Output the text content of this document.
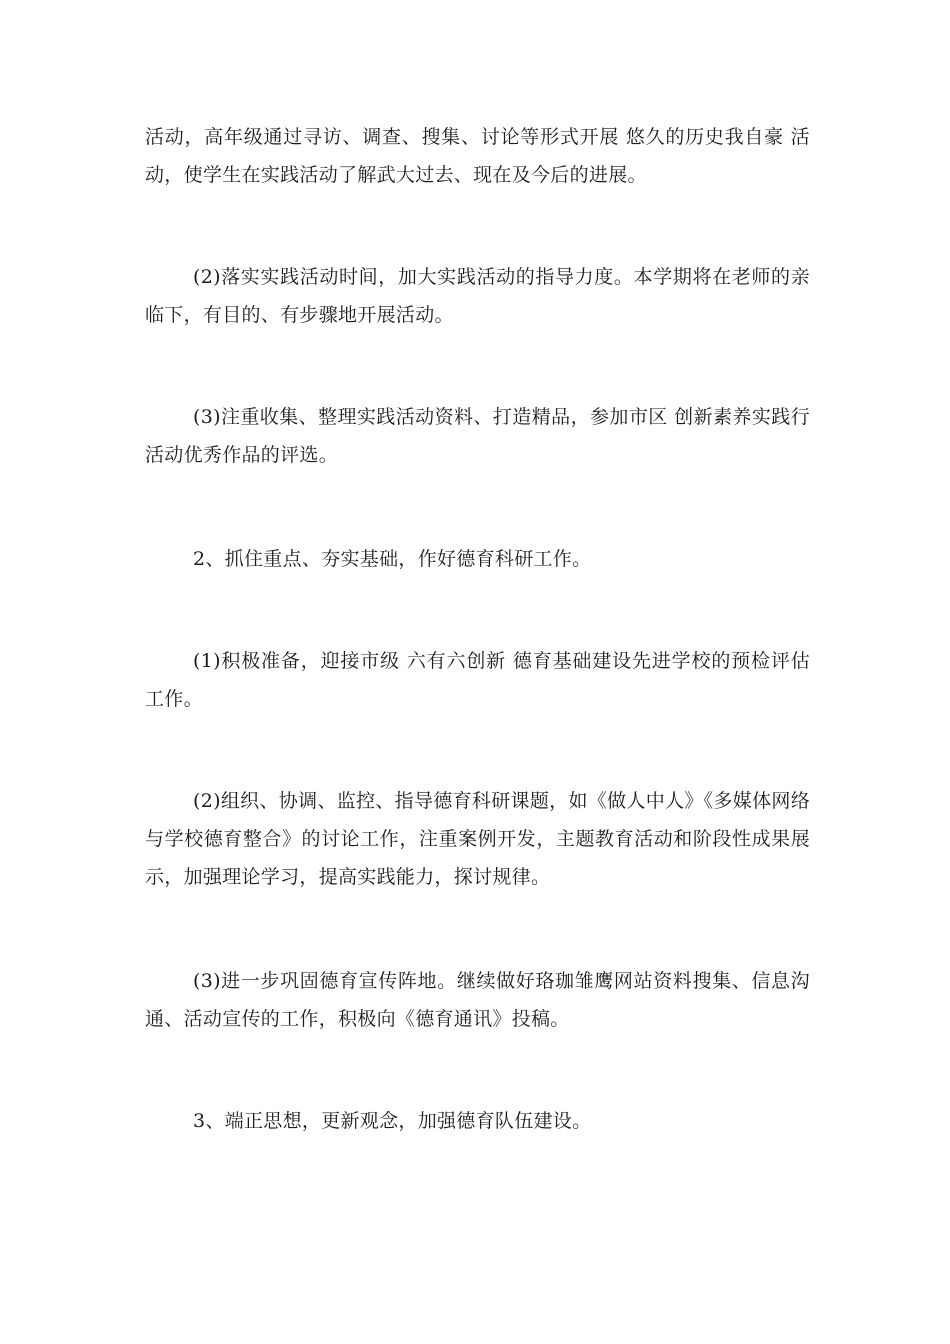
活动，高年级通过寻访、调查、搜集、讨论等形式开展 悠久的历史我自豪 活动，使学生在实践活动了解武大过去、现在及今后的进展。

(2)落实实践活动时间，加大实践活动的指导力度。本学期将在老师的亲临下，有目的、有步骤地开展活动。

(3)注重收集、整理实践活动资料、打造精品，参加市区 创新素养实践行活动优秀作品的评选。

2、抓住重点、夯实基础，作好德育科研工作。

(1)积极准备，迎接市级 六有六创新 德育基础建设先进学校的预检评估工作。

(2)组织、协调、监控、指导德育科研课题，如《做人中人》《多媒体网络与学校德育整合》的讨论工作，注重案例开发，主题教育活动和阶段性成果展示，加强理论学习，提高实践能力，探讨规律。

(3)进一步巩固德育宣传阵地。继续做好珞珈雏鹰网站资料搜集、信息沟通、活动宣传的工作，积极向《德育通讯》投稿。

3、端正思想，更新观念，加强德育队伍建设。
